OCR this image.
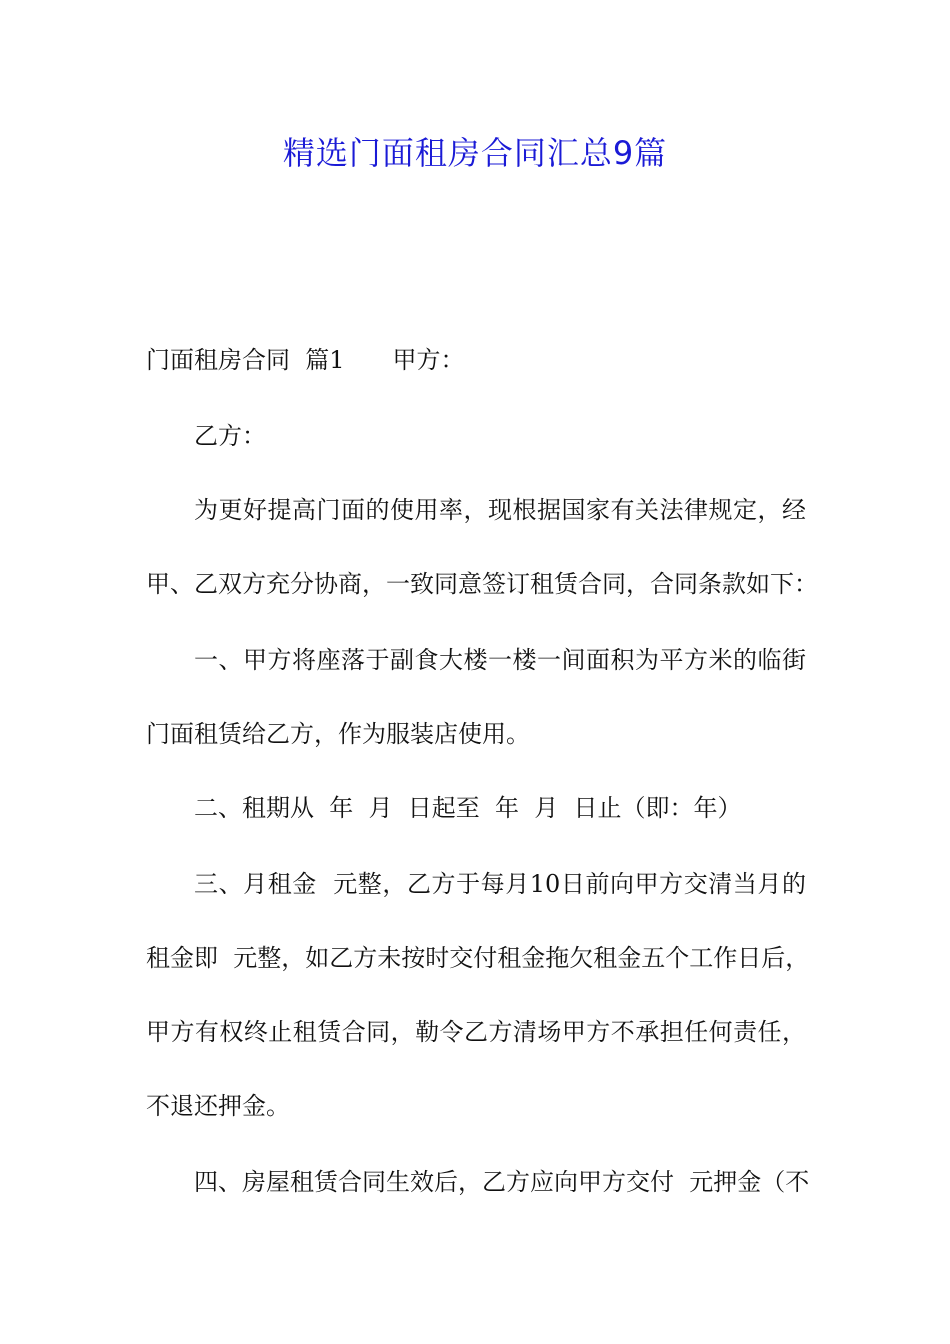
精选门面租房合同汇总9篇
门面租房合同  篇1 甲方：
乙方：
为更好提高门面的使用率，现根据国家有关法律规定，经
甲、乙双方充分协商，一致同意签订租赁合同，合同条款如下：
一、甲方将座落于副食大楼一楼一间面积为平方米的临街
门面租赁给乙方，作为服装店使用。
二、租期从  年  月  日起至  年  月  日止（即：年）
三、月租金  元整，乙方于每月10日前向甲方交清当月的
租金即  元整，如乙方未按时交付租金拖欠租金五个工作日后，
甲方有权终止租赁合同，勒令乙方清场甲方不承担任何责任，
不退还押金。
四、房屋租赁合同生效后，乙方应向甲方交付  元押金（不
